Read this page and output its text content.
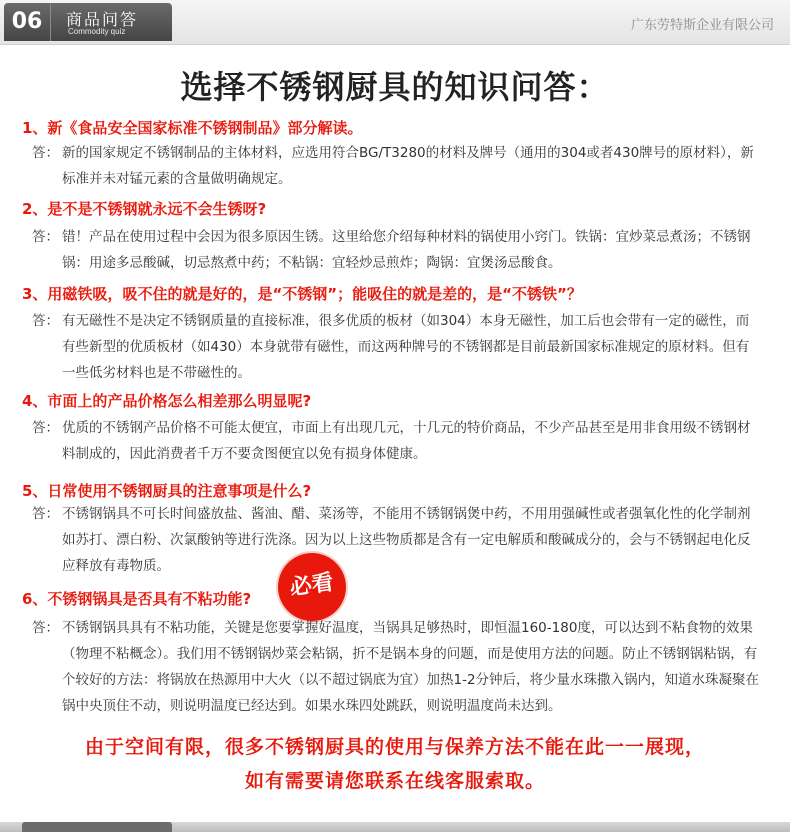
06	商品问答
Commodity quiz	广东劳特斯企业有限公司
选择不锈钢厨具的知识问答：
1、新《食品安全国家标准不锈钢制品》部分解读。
答： 新的国家规定不锈钢制品的主体材料，应选用符合BG/T3280的材料及牌号（通用的304或者430牌号的原材料），新标准并未对锰元素的含量做明确规定。
2、是不是不锈钢就永远不会生锈呀?
答： 错！产品在使用过程中会因为很多原因生锈。这里给您介绍每种材料的锅使用小窍门。铁锅：宜炒菜忌煮汤；不锈钢锅：用途多忌酸碱，切忌熬煮中药；不粘锅：宜轻炒忌煎炸；陶锅：宜煲汤忌酸食。
3、用磁铁吸，吸不住的就是好的，是“不锈钢”；能吸住的就是差的，是“不锈铁”？
答： 有无磁性不是决定不锈钢质量的直接标准，很多优质的板材（如304）本身无磁性，加工后也会带有一定的磁性，而有些新型的优质板材（如430）本身就带有磁性，而这两种牌号的不锈钢都是目前最新国家标准规定的原材料。但有一些低劣材料也是不带磁性的。
4、市面上的产品价格怎么相差那么明显呢?
答： 优质的不锈钢产品价格不可能太便宜，市面上有出现几元，十几元的特价商品，不少产品甚至是用非食用级不锈钢材料制成的，因此消费者千万不要贪图便宜以免有损身体健康。
5、日常使用不锈钢厨具的注意事项是什么?
答： 不锈钢锅具不可长时间盛放盐、酱油、醋、菜汤等，不能用不锈钢锅煲中药，不用用强碱性或者强氧化性的化学制剂如苏打、漂白粉、次氯酸钠等进行洗涤。因为以上这些物质都是含有一定电解质和酸碱成分的，会与不锈钢起电化反应释放有毒物质。
6、不锈钢锅具是否具有不粘功能?	必看
答： 不锈钢锅具具有不粘功能，关键是您要掌握好温度，当锅具足够热时，即恒温160-180度，可以达到不粘食物的效果（物理不粘概念）。我们用不锈钢锅炒菜会粘锅，折不是锅本身的问题，而是使用方法的问题。防止不锈钢锅粘锅，有个较好的方法：将锅放在热源用中大火（以不超过锅底为宜）加热1-2分钟后，将少量水珠撒入锅内，知道水珠凝聚在锅中央顶住不动，则说明温度已经达到。如果水珠四处跳跃，则说明温度尚未达到。
由于空间有限，很多不锈钢厨具的使用与保养方法不能在此一一展现，
如有需要请您联系在线客服索取。
